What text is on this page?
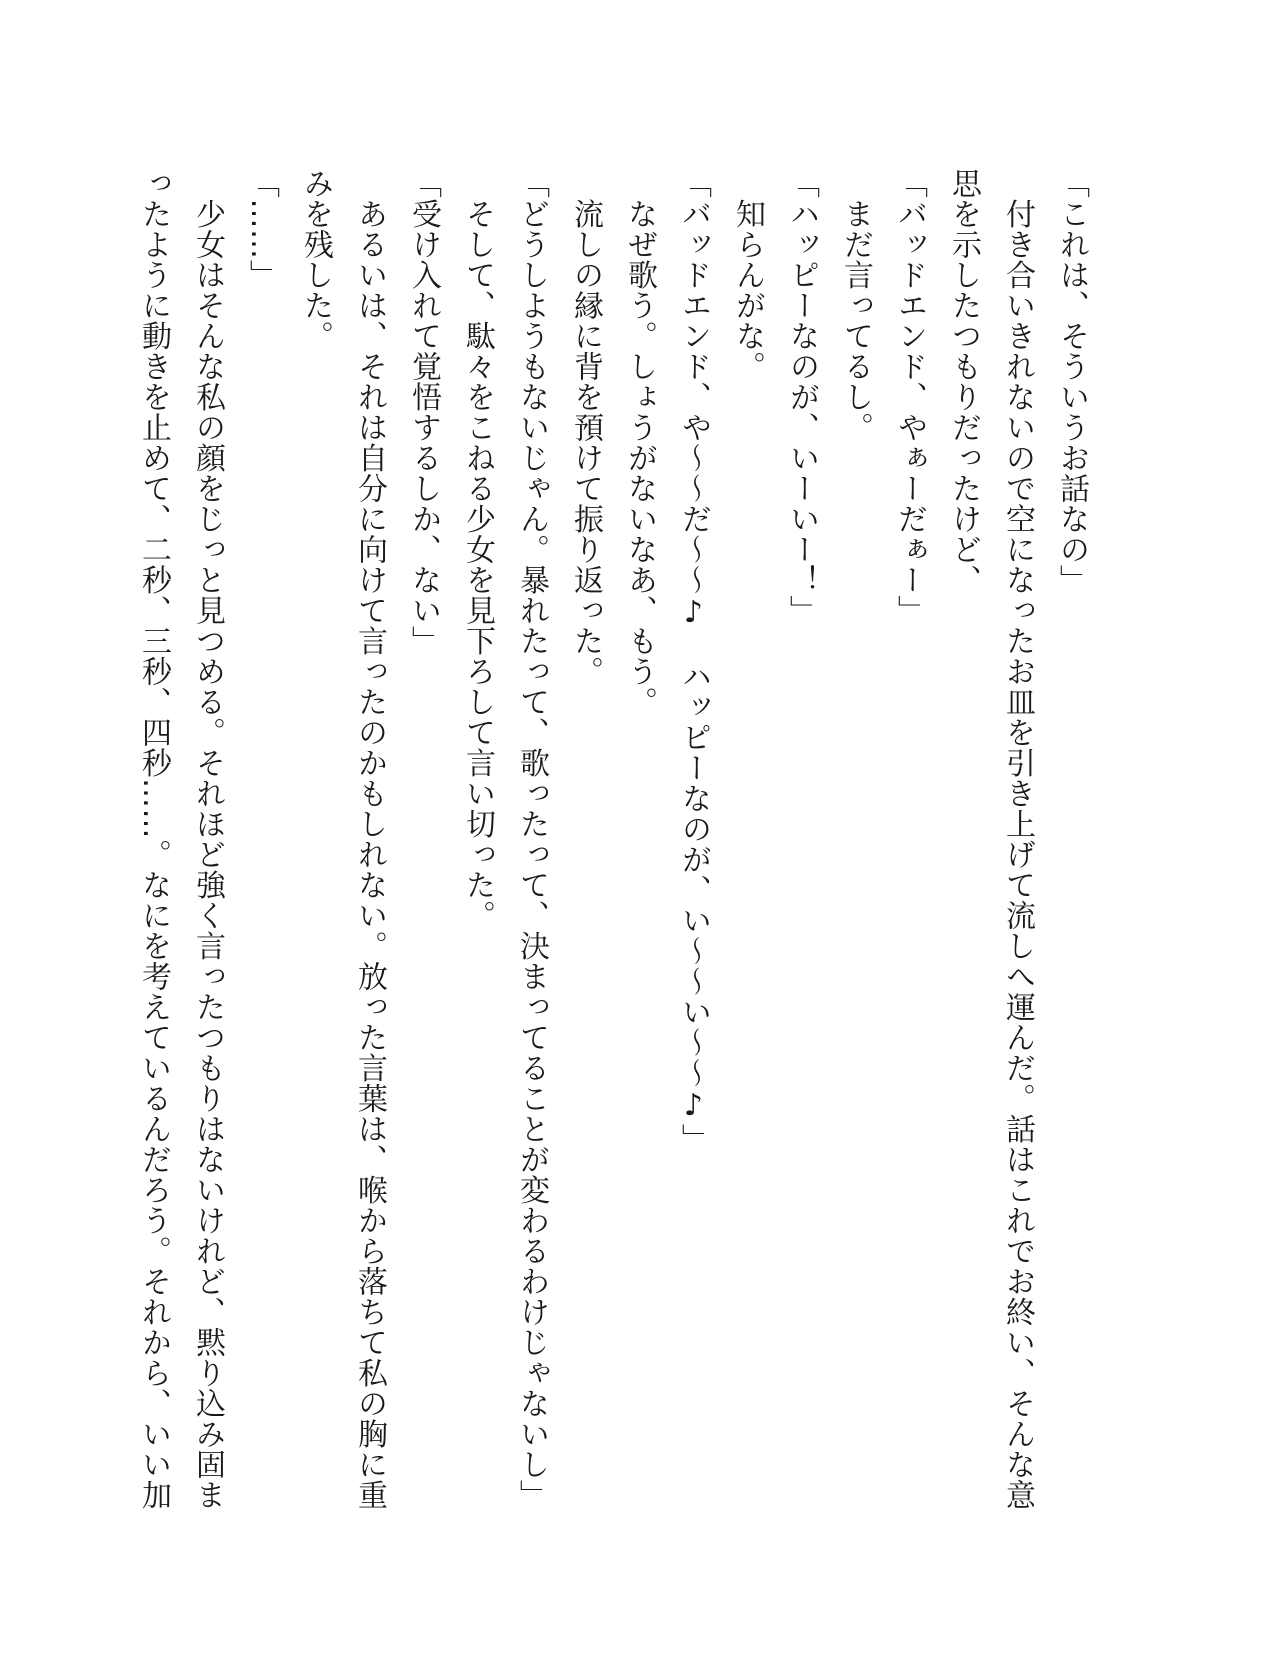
「これは、そういうお話なの」

　付き合いきれないので空になったお皿を引き上げて流しへ運んだ。話はこれでお終い、そんな意

思を示したつもりだったけど、

「バッドエンド、やぁーだぁー」

　まだ言ってるし。

「ハッピーなのが、いーいー！」

　知らんがな。

「バッドエンド、や〜〜だ〜〜♪　ハッピーなのが、い〜〜い〜〜♪」

　なぜ歌う。しょうがないなあ、もう。

　流しの縁に背を預けて振り返った。

「どうしようもないじゃん。暴れたって、歌ったって、決まってることが変わるわけじゃないし」

　そして、駄々をこねる少女を見下ろして言い切った。

「受け入れて覚悟するしか、ない」

　あるいは、それは自分に向けて言ったのかもしれない。放った言葉は、喉から落ちて私の胸に重

みを残した。

「……」

　少女はそんな私の顔をじっと見つめる。それほど強く言ったつもりはないけれど、黙り込み固ま

ったように動きを止めて、二秒、三秒、四秒……。なにを考えているんだろう。それから、いい加
